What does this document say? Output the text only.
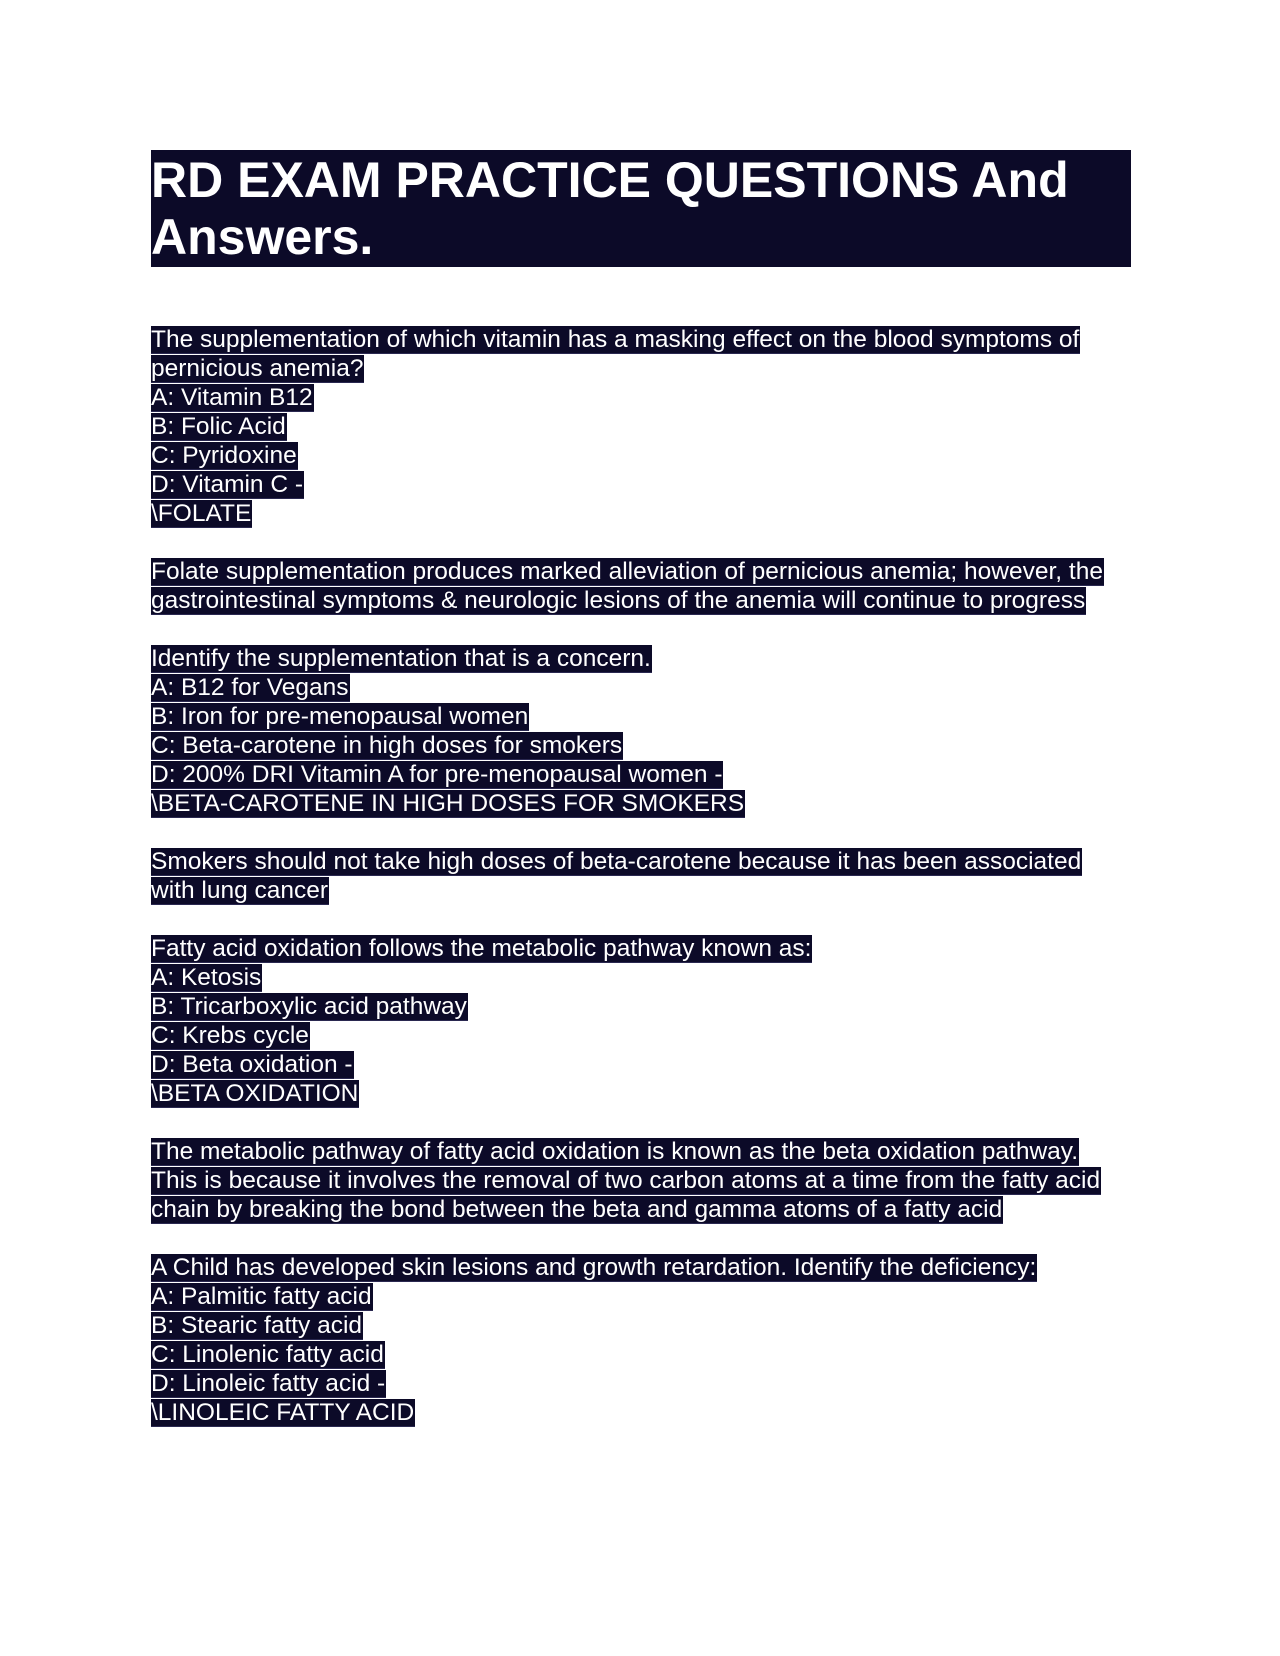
RD EXAM PRACTICE QUESTIONS And
Answers.
The supplementation of which vitamin has a masking effect on the blood symptoms of
pernicious anemia?
A: Vitamin B12
B: Folic Acid
C: Pyridoxine
D: Vitamin C -
\FOLATE
Folate supplementation produces marked alleviation of pernicious anemia; however, the
gastrointestinal symptoms & neurologic lesions of the anemia will continue to progress
Identify the supplementation that is a concern.
A: B12 for Vegans
B: Iron for pre-menopausal women
C: Beta-carotene in high doses for smokers
D: 200% DRI Vitamin A for pre-menopausal women -
\BETA-CAROTENE IN HIGH DOSES FOR SMOKERS
Smokers should not take high doses of beta-carotene because it has been associated
with lung cancer
Fatty acid oxidation follows the metabolic pathway known as:
A: Ketosis
B: Tricarboxylic acid pathway
C: Krebs cycle
D: Beta oxidation -
\BETA OXIDATION
The metabolic pathway of fatty acid oxidation is known as the beta oxidation pathway.
This is because it involves the removal of two carbon atoms at a time from the fatty acid
chain by breaking the bond between the beta and gamma atoms of a fatty acid
A Child has developed skin lesions and growth retardation. Identify the deficiency:
A: Palmitic fatty acid
B: Stearic fatty acid
C: Linolenic fatty acid
D: Linoleic fatty acid -
\LINOLEIC FATTY ACID
